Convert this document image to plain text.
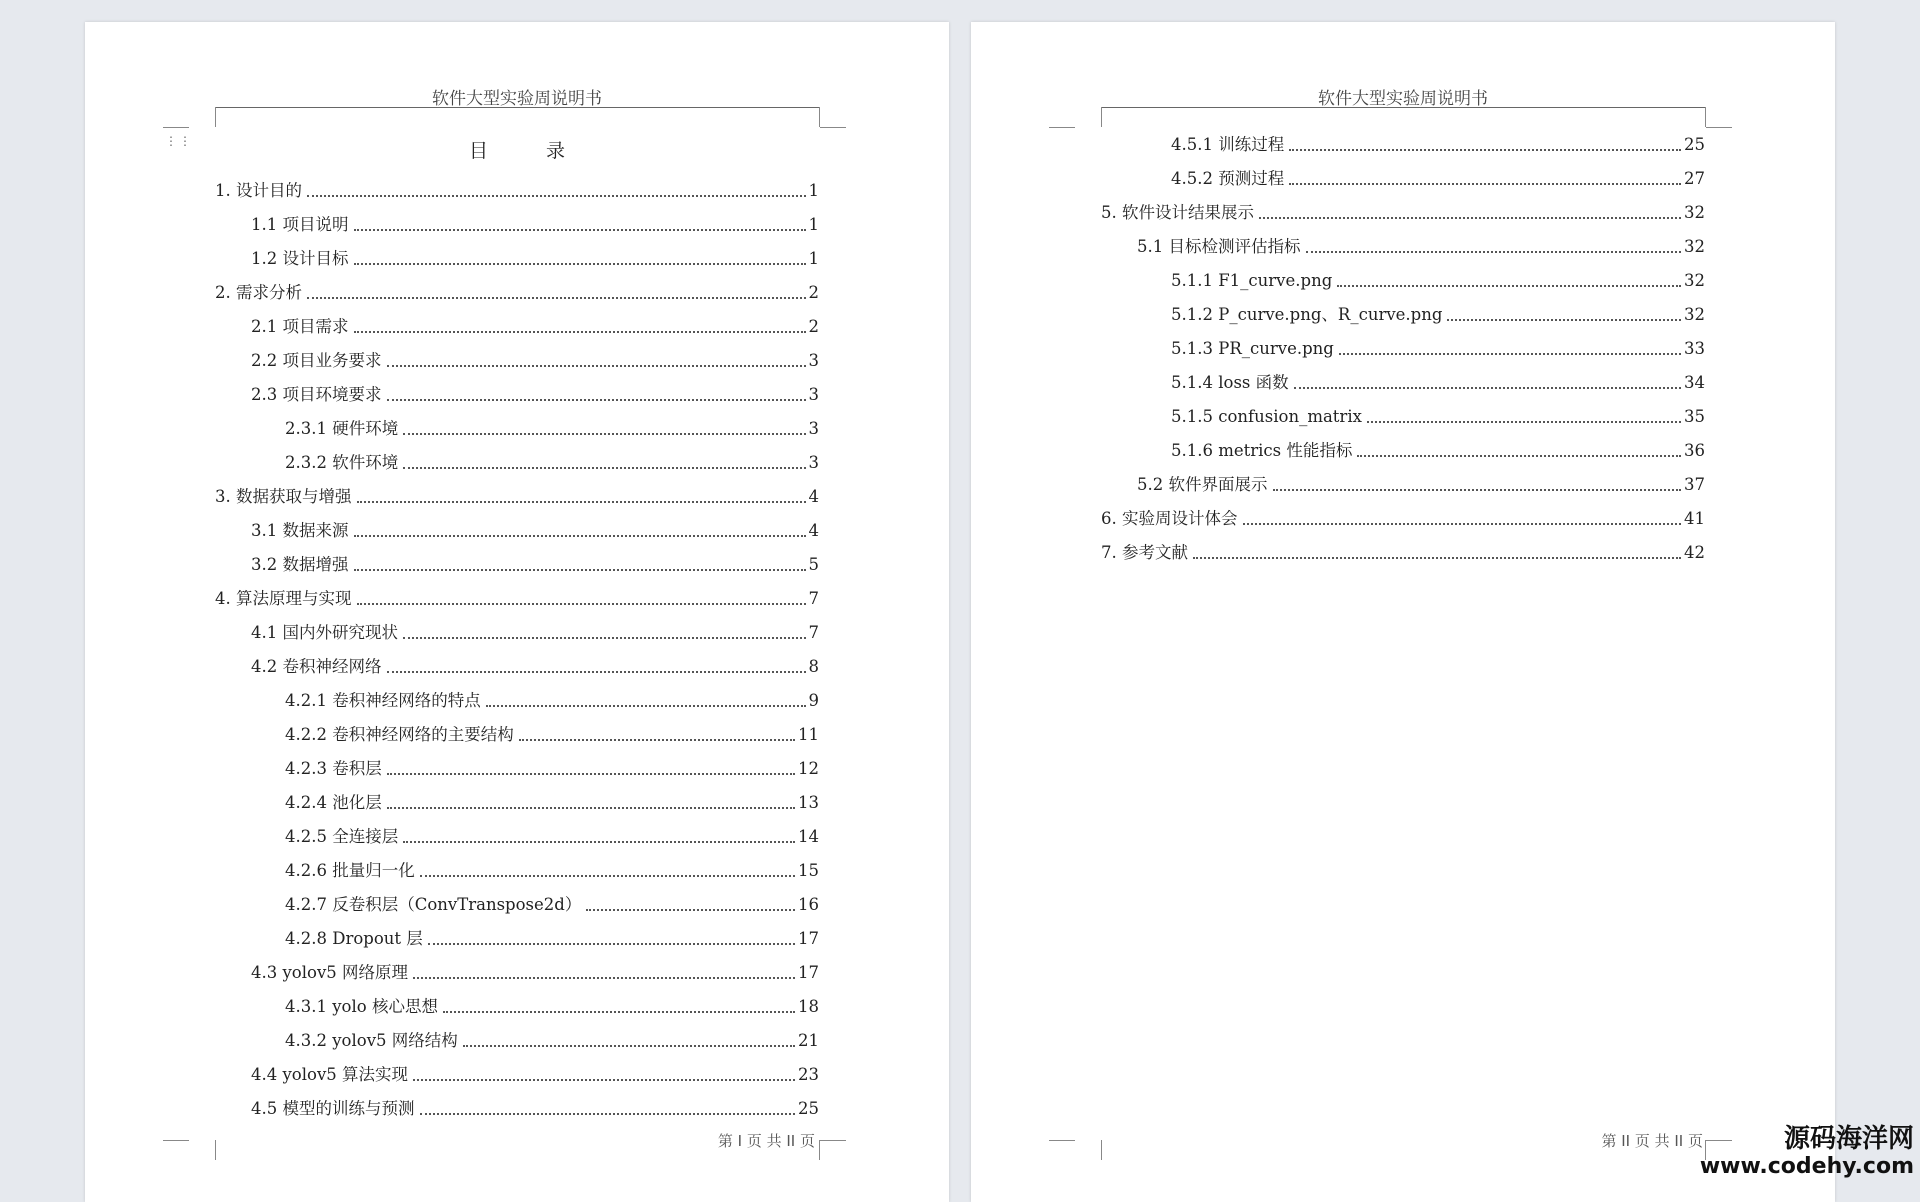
软件大型实验周说明书
⋮⋮	目 录
1. 设计目的	1
1.1 项目说明	1
1.2 设计目标	1
2. 需求分析	2
2.1 项目需求	2
2.2 项目业务要求	3
2.3 项目环境要求	3
2.3.1 硬件环境	3
2.3.2 软件环境	3
3. 数据获取与增强	4
3.1 数据来源	4
3.2 数据增强	5
4. 算法原理与实现	7
4.1 国内外研究现状	7
4.2 卷积神经网络	8
4.2.1 卷积神经网络的特点	9
4.2.2 卷积神经网络的主要结构	11
4.2.3 卷积层	12
4.2.4 池化层	13
4.2.5 全连接层	14
4.2.6 批量归一化	15
4.2.7 反卷积层（ConvTranspose2d）	16
4.2.8 Dropout 层	17
4.3 yolov5 网络原理	17
4.3.1 yolo 核心思想	18
4.3.2 yolov5 网络结构	21
4.4 yolov5 算法实现	23
4.5 模型的训练与预测	25
第 I 页 共 II 页
软件大型实验周说明书
4.5.1 训练过程	25
4.5.2 预测过程	27
5. 软件设计结果展示	32
5.1 目标检测评估指标	32
5.1.1 F1_curve.png	32
5.1.2 P_curve.png、R_curve.png	32
5.1.3 PR_curve.png	33
5.1.4 loss 函数	34
5.1.5 confusion_matrix	35
5.1.6 metrics 性能指标	36
5.2 软件界面展示	37
6. 实验周设计体会	41
7. 参考文献	42
第 II 页 共 II 页	源码海洋网
www.codehy.com
